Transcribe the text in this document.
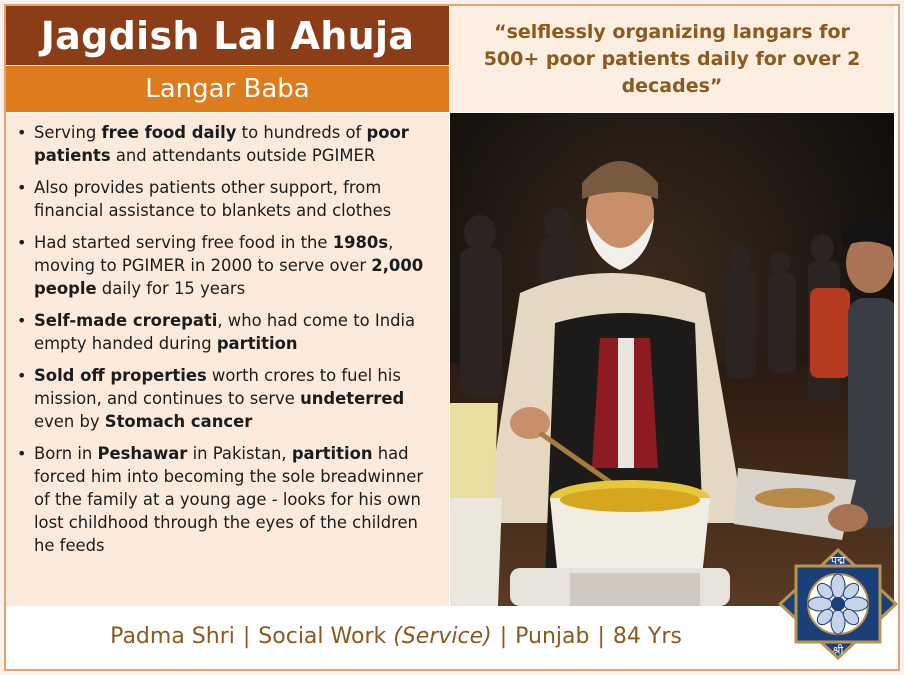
Jagdish Lal Ahuja
Langar Baba
“selflessly organizing langars for 500+ poor patients daily for over 2 decades”
• Serving free food daily to hundreds of poor patients and attendants outside PGIMER
• Also provides patients other support, from financial assistance to blankets and clothes
• Had started serving free food in the 1980s, moving to PGIMER in 2000 to serve over 2,000 people daily for 15 years
• Self-made crorepati, who had come to India empty handed during partition
• Sold off properties worth crores to fuel his mission, and continues to serve undeterred even by Stomach cancer
• Born in Peshawar in Pakistan, partition had forced him into becoming the sole breadwinner of the family at a young age - looks for his own lost childhood through the eyes of the children he feeds
Padma Shri | Social Work
(Service) | Punjab | 84 Yrs
पद्म
श्री
